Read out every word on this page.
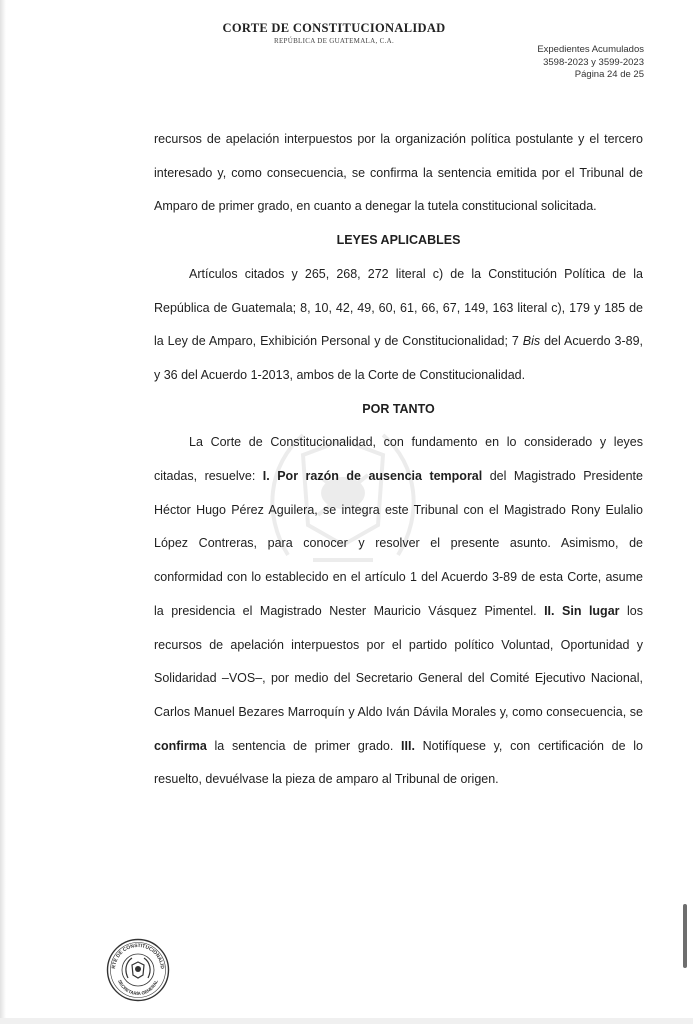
CORTE DE CONSTITUCIONALIDAD
REPÚBLICA DE GUATEMALA, C.A.
Expedientes Acumulados
3598-2023 y 3599-2023
Página 24 de 25

recursos de apelación interpuestos por la organización política postulante y el tercero interesado y, como consecuencia, se confirma la sentencia emitida por el Tribunal de Amparo de primer grado, en cuanto a denegar la tutela constitucional solicitada.

LEYES APLICABLES

Artículos citados y 265, 268, 272 literal c) de la Constitución Política de la República de Guatemala; 8, 10, 42, 49, 60, 61, 66, 67, 149, 163 literal c), 179 y 185 de la Ley de Amparo, Exhibición Personal y de Constitucionalidad; 7 Bis del Acuerdo 3-89, y 36 del Acuerdo 1-2013, ambos de la Corte de Constitucionalidad.

POR TANTO

La Corte de Constitucionalidad, con fundamento en lo considerado y leyes citadas, resuelve: I. Por razón de ausencia temporal del Magistrado Presidente Héctor Hugo Pérez Aguilera, se integra este Tribunal con el Magistrado Rony Eulalio López Contreras, para conocer y resolver el presente asunto. Asimismo, de conformidad con lo establecido en el artículo 1 del Acuerdo 3-89 de esta Corte, asume la presidencia el Magistrado Nester Mauricio Vásquez Pimentel. II. Sin lugar los recursos de apelación interpuestos por el partido político Voluntad, Oportunidad y Solidaridad –VOS–, por medio del Secretario General del Comité Ejecutivo Nacional, Carlos Manuel Bezares Marroquín y Aldo Iván Dávila Morales y, como consecuencia, se confirma la sentencia de primer grado. III. Notifíquese y, con certificación de lo resuelto, devuélvase la pieza de amparo al Tribunal de origen.

RTE DE CONSTITUCIONALID
SECRETARÍA GENERAL
